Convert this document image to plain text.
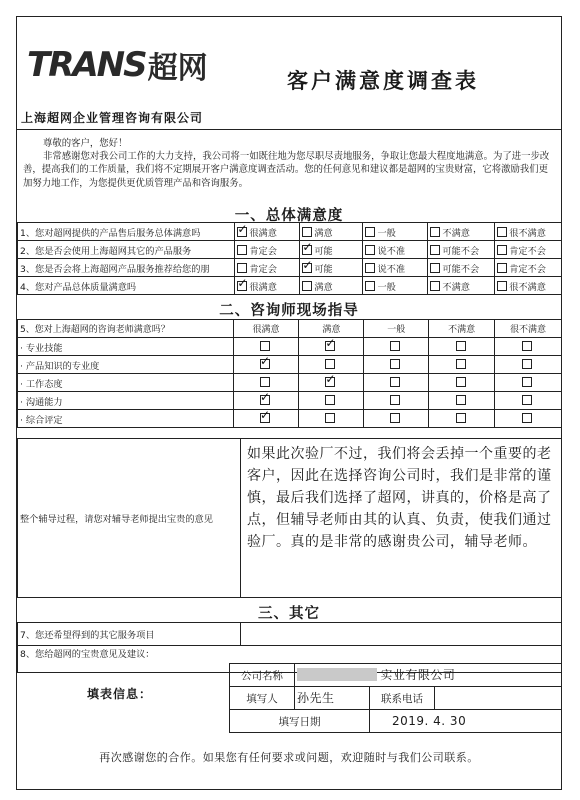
TRANS 超网	客户满意度调查表
上海超网企业管理咨询有限公司

尊敬的客户，您好！

非常感谢您对我公司工作的大力支持，我公司将一如既往地为您尽职尽责地服务，争取让您最大程度地满意。为了进一步改善，提高我们的工作质量，我们将不定期展开客户满意度调查活动。您的任何意见和建议都是超网的宝贵财富，它将激励我们更加努力地工作，为您提供更优质管理产品和咨询服务。

一、总体满意度
1、您对超网提供的产品售后服务总体满意吗	✓很满意	满意	一般	不满意	很不满意
2、您是否会使用上海超网其它的产品服务	肯定会	✓可能	说不准	可能不会	肯定不会
3、您是否会将上海超网产品服务推荐给您的朋	肯定会	✓可能	说不准	可能不会	肯定不会
4、您对产品总体质量满意吗	✓很满意	满意	一般	不满意	很不满意
二、咨询师现场指导
5、您对上海超网的咨询老师满意吗？	很满意	满意	一般	不满意	很不满意
· 专业技能		✓			
· 产品知识的专业度	✓				
· 工作态度		✓			
· 沟通能力	✓				
· 综合评定	✓				
整个辅导过程，请您对辅导老师提出宝贵的意见	
如果此次验厂不过，我们将会丢掉一个重要的老客户，因此在选择咨询公司时，我们是非常的谨慎，最后我们选择了超网，讲真的，价格是高了点，但辅导老师由其的认真、负责，使我们通过验厂。真的是非常的感谢贵公司，辅导老师。
三、其它
7、您还希望得到的其它服务项目	
8、您给超网的宝贵意见及建议：
填表信息：
公司名称	实业有限公司		
填写人	孙先生	联系电话	
填写日期		2019. 4. 30	
再次感谢您的合作。如果您有任何要求或问题，欢迎随时与我们公司联系。
